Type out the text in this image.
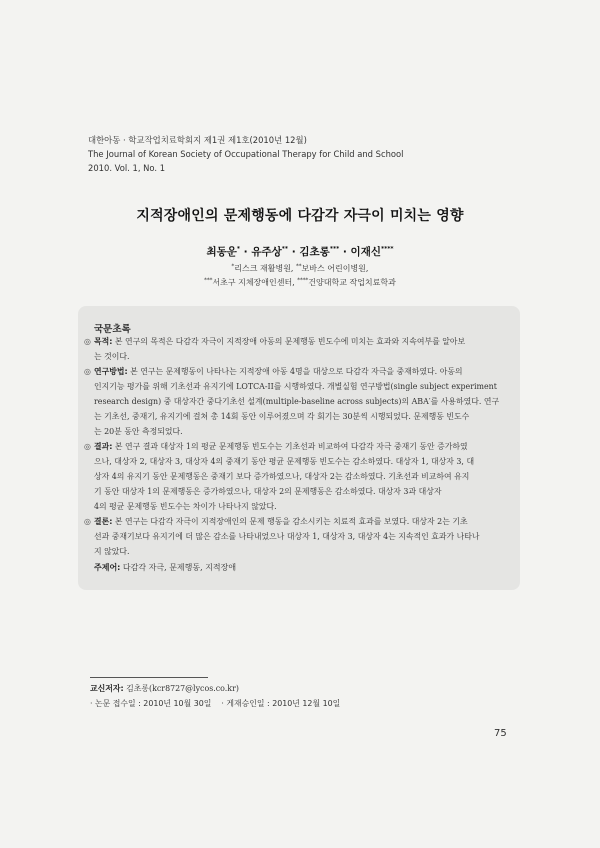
대한아동 · 학교작업치료학회지 제1권 제1호(2010년 12월)
The Journal of Korean Society of Occupational Therapy for Child and School
2010. Vol. 1, No. 1
지적장애인의 문제행동에 다감각 자극이 미치는 영향
최동운* · 유주상** · 김초롱*** · 이재신****
*리스크 재활병원, **보바스 어린이병원,
***서초구 지체장애인센터, ****건양대학교 작업치료학과
국문초록
◎ 목적: 본 연구의 목적은 다감각 자극이 지적장애 아동의 문제행동 빈도수에 미치는 효과와 지속여부를 알아보
는 것이다.
◎ 연구방법: 본 연구는 문제행동이 나타나는 지적장애 아동 4명을 대상으로 다감각 자극을 중재하였다. 아동의
인지기능 평가를 위해 기초선과 유지기에 LOTCA-II를 시행하였다. 개별실험 연구방법(single subject experiment
research design) 중 대상자간 중다기초선 설계(multiple-baseline across subjects)의 ABA′를 사용하였다. 연구
는 기초선, 중재기, 유지기에 걸쳐 총 14회 동안 이루어졌으며 각 회기는 30분씩 시행되었다. 문제행동 빈도수
는 20분 동안 측정되었다.
◎ 결과: 본 연구 결과 대상자 1의 평균 문제행동 빈도수는 기초선과 비교하여 다감각 자극 중재기 동안 증가하였
으나, 대상자 2, 대상자 3, 대상자 4의 중재기 동안 평균 문제행동 빈도수는 감소하였다. 대상자 1, 대상자 3, 대
상자 4의 유지기 동안 문제행동은 중재기 보다 증가하였으나, 대상자 2는 감소하였다. 기초선과 비교하여 유지
기 동안 대상자 1의 문제행동은 증가하였으나, 대상자 2의 문제행동은 감소하였다. 대상자 3과 대상자
4의 평균 문제행동 빈도수는 차이가 나타나지 않았다.
◎ 결론: 본 연구는 다감각 자극이 지적장애인의 문제 행동을 감소시키는 치료적 효과를 보였다. 대상자 2는 기초
선과 중재기보다 유지기에 더 많은 감소를 나타내었으나 대상자 1, 대상자 3, 대상자 4는 지속적인 효과가 나타나
지 않았다.
주제어: 다감각 자극, 문제행동, 지적장애
교신저자: 김초롱(kcr8727@lycos.co.kr)
· 논문 접수일 : 2010년 10월 30일    · 게재승인일 : 2010년 12월 10일
75
